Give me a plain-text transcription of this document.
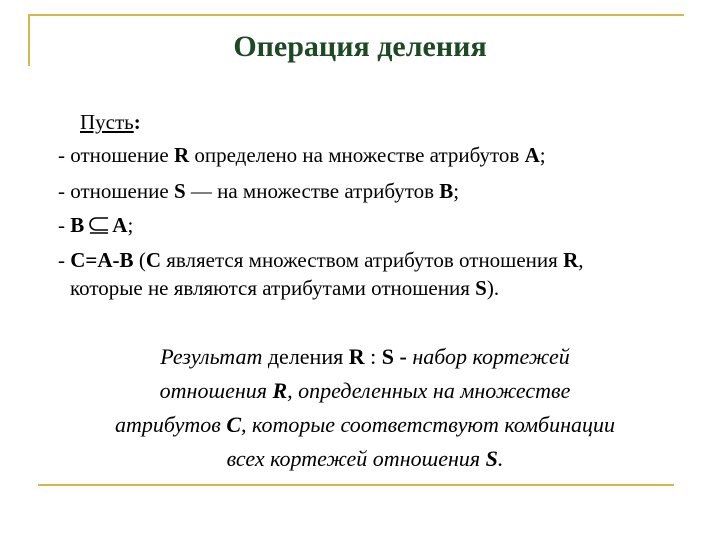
Операция деления
Пусть:
- отношение R определено на множестве атрибутов A;
- отношение S — на множестве атрибутов B;
- B A;
- C=A-B (C является множеством атрибутов отношения R,
которые не являются атрибутами отношения S).
Результат деления R : S - набор кортежей
отношения R, определенных на множестве
атрибутов C, которые соответствуют комбинации
всех кортежей отношения S.
